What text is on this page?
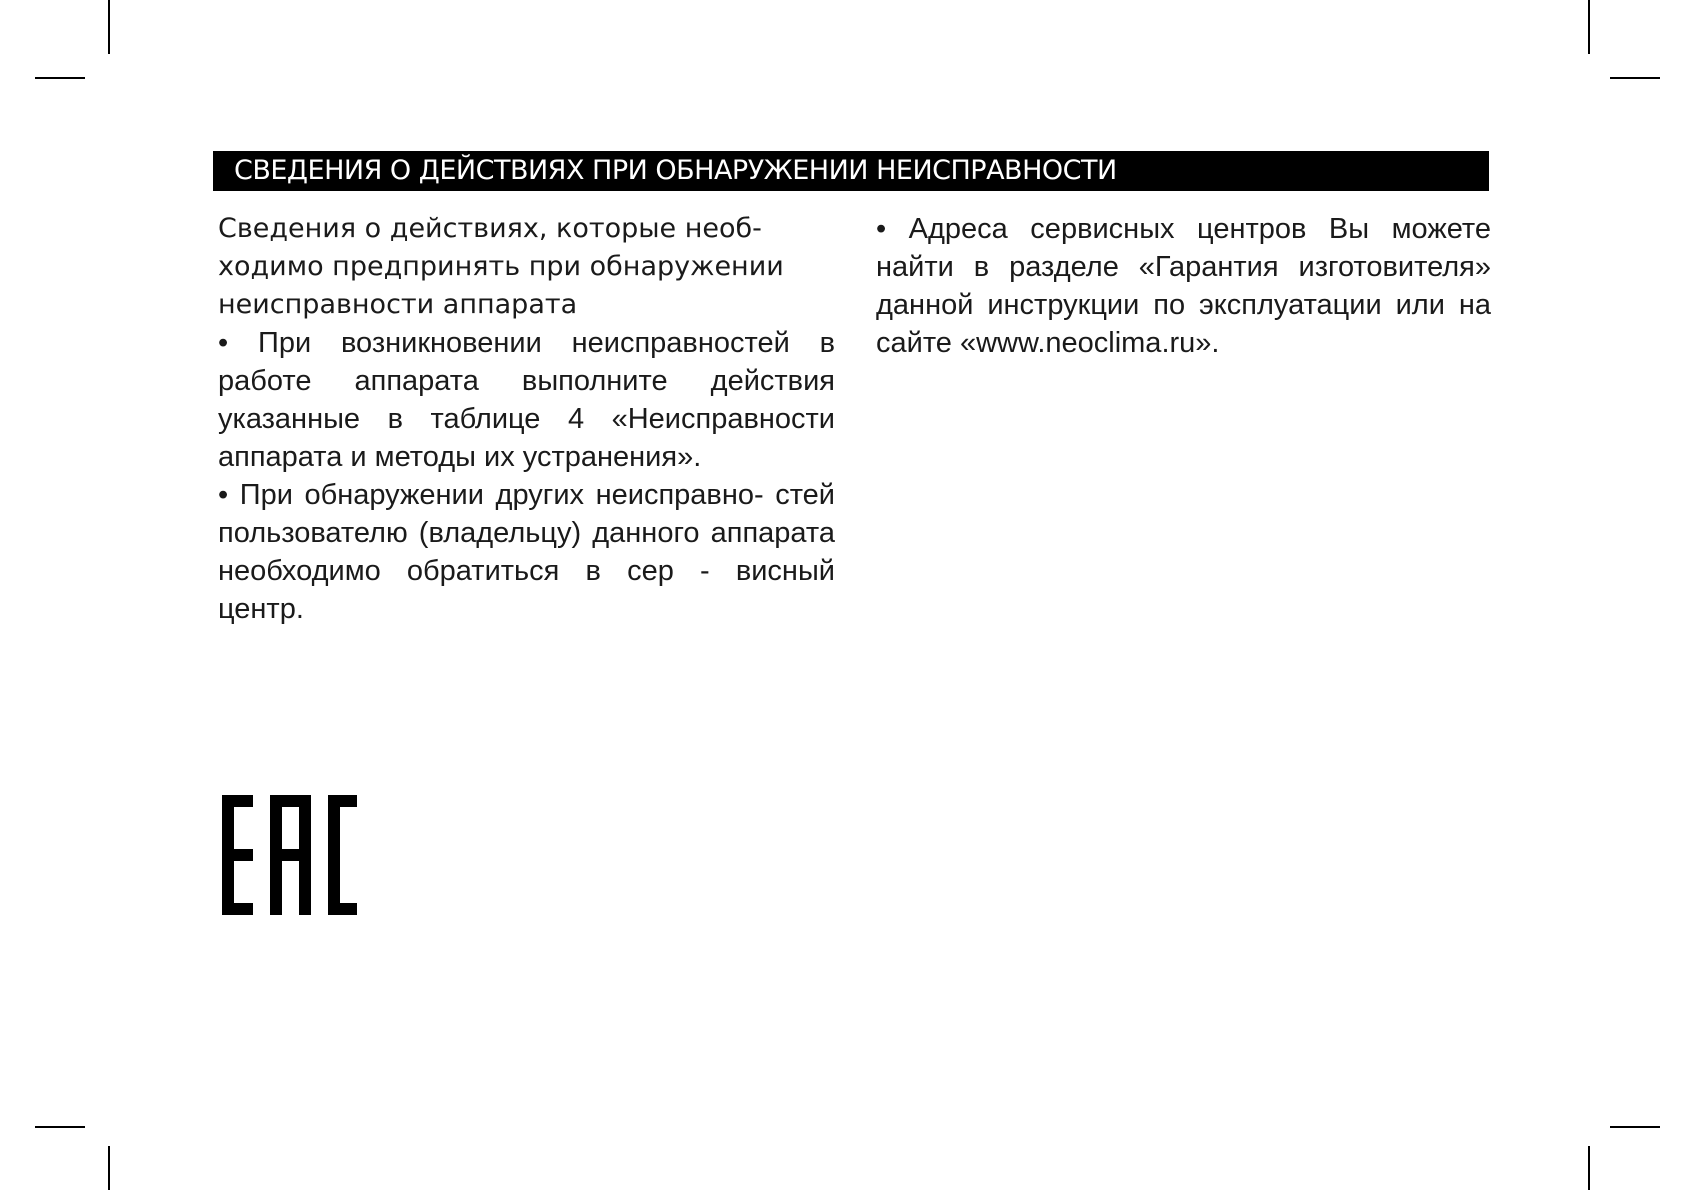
СВЕДЕНИЯ О ДЕЙСТВИЯХ ПРИ ОБНАРУЖЕНИИ НЕИСПРАВНОСТИ

Сведения о действиях, которые необ- ходимо предпринять при обнаружении неисправности аппарата

• При возникновении неисправностей в работе аппарата выполните действия указанные в таблице 4 «Неисправности аппарата и методы их устранения».

• При обнаружении других неисправно- стей пользователю (владельцу) данного аппарата необходимо обратиться в сер - висный центр.

• Адреса сервисных центров Вы можете найти в разделе «Гарантия изготовителя» данной инструкции по эксплуатации или на сайте «www.neoclima.ru».
